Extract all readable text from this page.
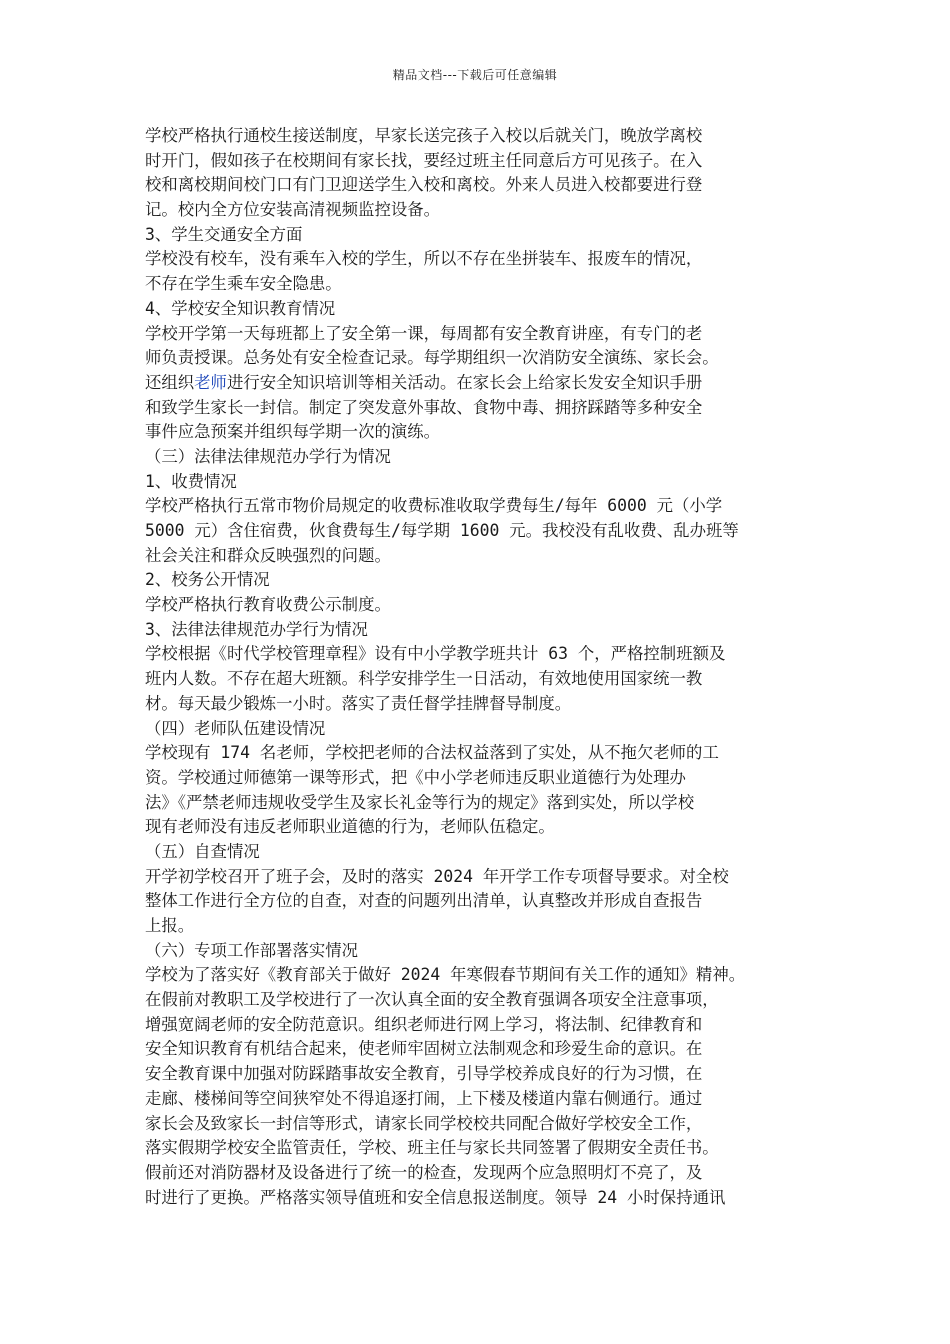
精品文档---下载后可任意编辑
学校严格执行通校生接送制度，早家长送完孩子入校以后就关门，晚放学离校
时开门，假如孩子在校期间有家长找，要经过班主任同意后方可见孩子。在入
校和离校期间校门口有门卫迎送学生入校和离校。外来人员进入校都要进行登
记。校内全方位安装高清视频监控设备。
3、学生交通安全方面
学校没有校车，没有乘车入校的学生，所以不存在坐拼装车、报废车的情况，
不存在学生乘车安全隐患。
4、学校安全知识教育情况
学校开学第一天每班都上了安全第一课，每周都有安全教育讲座，有专门的老
师负责授课。总务处有安全检查记录。每学期组织一次消防安全演练、家长会。
还组织老师进行安全知识培训等相关活动。在家长会上给家长发安全知识手册
和致学生家长一封信。制定了突发意外事故、食物中毒、拥挤踩踏等多种安全
事件应急预案并组织每学期一次的演练。
（三）法律法律规范办学行为情况
1、收费情况
学校严格执行五常市物价局规定的收费标准收取学费每生/每年 6000 元（小学
5000 元）含住宿费，伙食费每生/每学期 1600 元。我校没有乱收费、乱办班等
社会关注和群众反映强烈的问题。
2、校务公开情况
学校严格执行教育收费公示制度。
3、法律法律规范办学行为情况
学校根据《时代学校管理章程》设有中小学教学班共计 63 个，严格控制班额及
班内人数。不存在超大班额。科学安排学生一日活动，有效地使用国家统一教
材。每天最少锻炼一小时。落实了责任督学挂牌督导制度。
（四）老师队伍建设情况
学校现有 174 名老师，学校把老师的合法权益落到了实处，从不拖欠老师的工
资。学校通过师德第一课等形式，把《中小学老师违反职业道德行为处理办
法》《严禁老师违规收受学生及家长礼金等行为的规定》落到实处，所以学校
现有老师没有违反老师职业道德的行为，老师队伍稳定。
（五）自查情况
开学初学校召开了班子会，及时的落实 2024 年开学工作专项督导要求。对全校
整体工作进行全方位的自查，对查的问题列出清单，认真整改并形成自查报告
上报。
（六）专项工作部署落实情况
学校为了落实好《教育部关于做好 2024 年寒假春节期间有关工作的通知》精神。
在假前对教职工及学校进行了一次认真全面的安全教育强调各项安全注意事项，
增强宽阔老师的安全防范意识。组织老师进行网上学习，将法制、纪律教育和
安全知识教育有机结合起来，使老师牢固树立法制观念和珍爱生命的意识。在
安全教育课中加强对防踩踏事故安全教育，引导学校养成良好的行为习惯，在
走廊、楼梯间等空间狭窄处不得追逐打闹，上下楼及楼道内靠右侧通行。通过
家长会及致家长一封信等形式，请家长同学校校共同配合做好学校安全工作，
落实假期学校安全监管责任，学校、班主任与家长共同签署了假期安全责任书。
假前还对消防器材及设备进行了统一的检查，发现两个应急照明灯不亮了，及
时进行了更换。严格落实领导值班和安全信息报送制度。领导 24 小时保持通讯
